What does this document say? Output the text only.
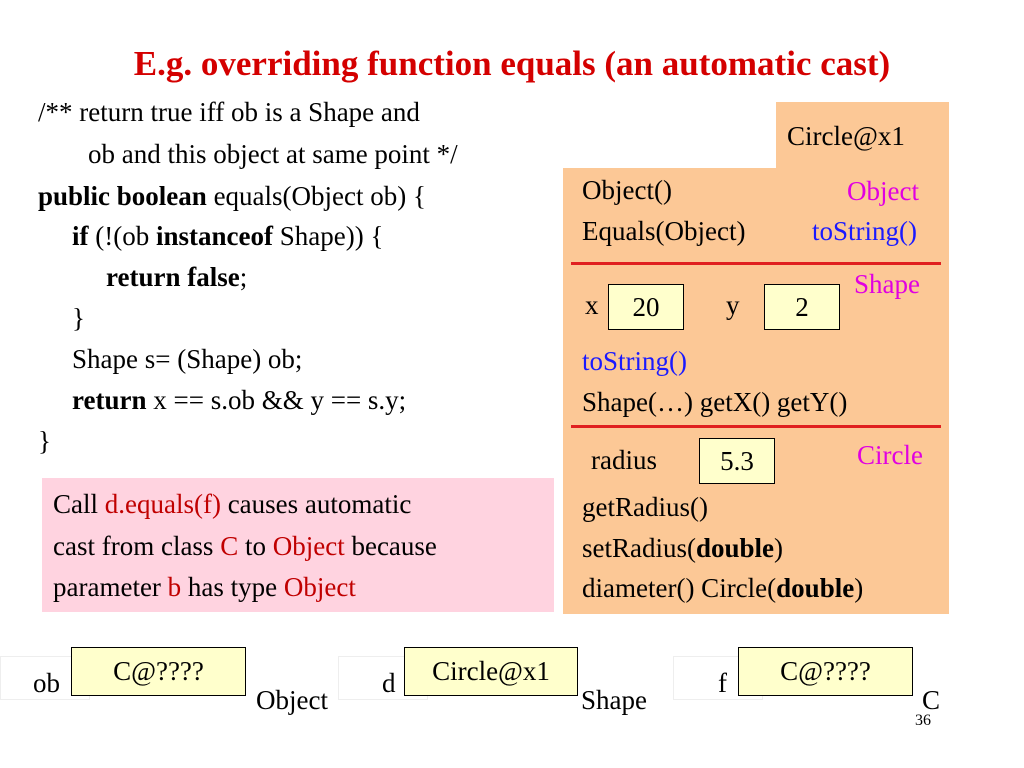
E.g. overriding function equals (an automatic cast)
/** return true iff ob is a Shape and
ob and this object at same point */
public boolean equals(Object ob) {
if (!(ob instanceof Shape)) {
return false;
}
Shape s= (Shape) ob;
return x == s.ob && y == s.y;
}
Call d.equals(f) causes automatic
cast from class C to Object because
parameter b has type Object
Circle@x1
Object()	Object
Equals(Object) toString()
Shape
x	20	y	2
toString()
Shape(…) getX() getY()
Circle
radius	5.3
getRadius()
setRadius(double)
diameter() Circle(double)
ob	C@????
Object
d	Circle@x1
Shape
f	C@????
C
36
